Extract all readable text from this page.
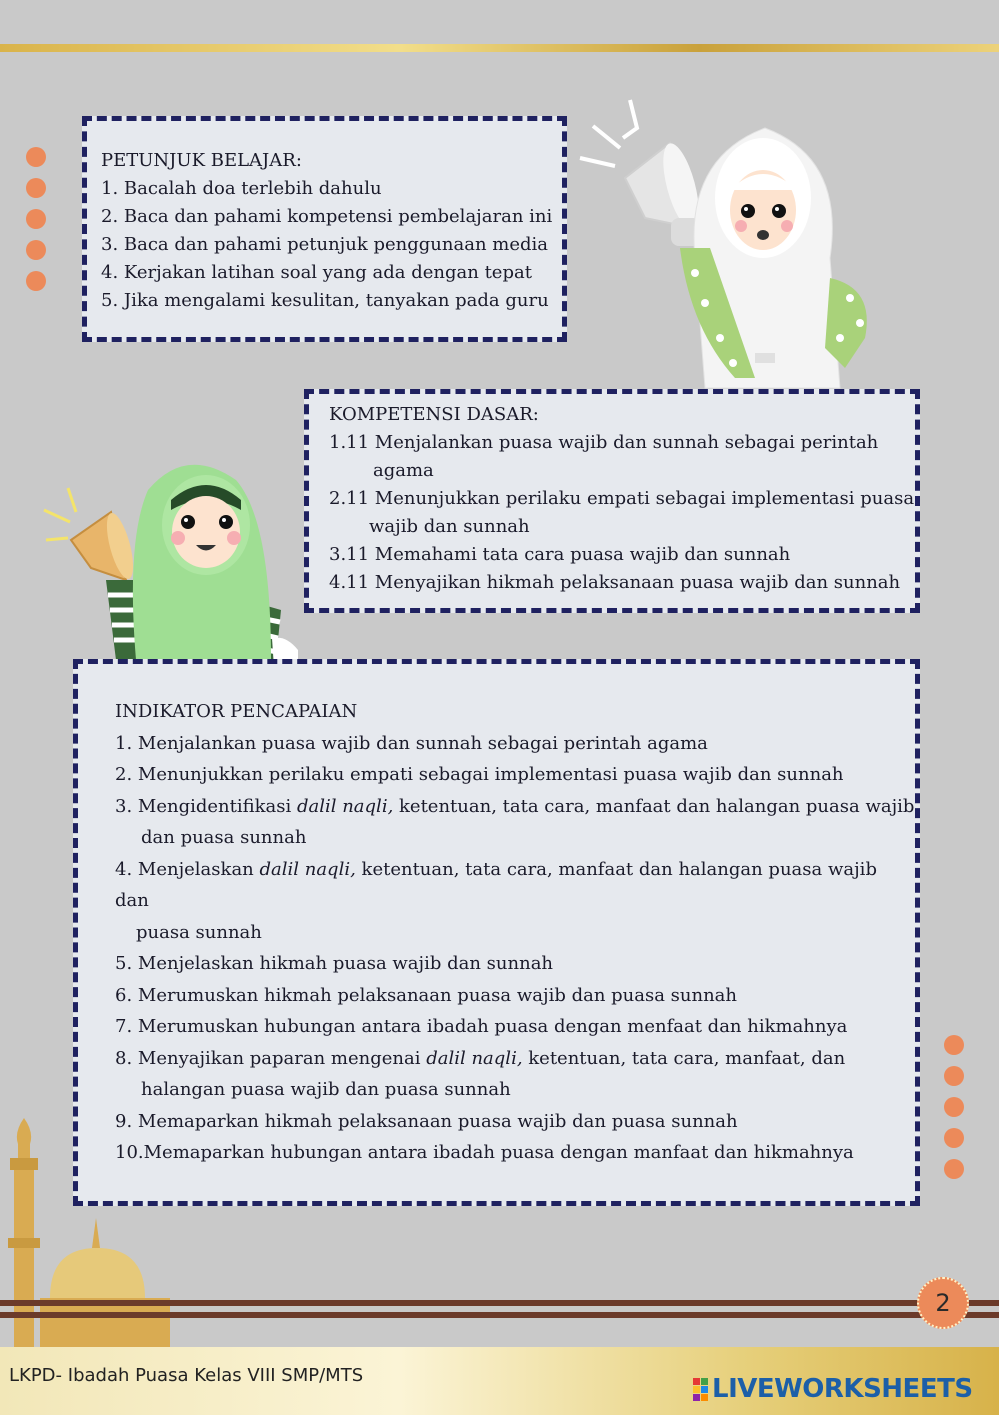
PETUNJUK BELAJAR:

1. Bacalah doa terlebih dahulu

2. Baca dan pahami kompetensi pembelajaran ini

3. Baca dan pahami petunjuk penggunaan media

4. Kerjakan latihan soal yang ada dengan tepat

5. Jika mengalami kesulitan, tanyakan pada guru

KOMPETENSI DASAR:

1.11 Menjalankan puasa wajib dan sunnah sebagai perintah

agama

2.11 Menunjukkan perilaku empati sebagai implementasi puasa

wajib dan sunnah

3.11 Memahami tata cara puasa wajib dan sunnah

4.11 Menyajikan hikmah pelaksanaan puasa wajib dan sunnah

INDIKATOR PENCAPAIAN

1. Menjalankan puasa wajib dan sunnah sebagai perintah agama

2. Menunjukkan perilaku empati sebagai implementasi puasa wajib dan sunnah

3. Mengidentifikasi dalil naqli, ketentuan, tata cara, manfaat dan halangan puasa wajib

dan puasa sunnah

4. Menjelaskan dalil naqli, ketentuan, tata cara, manfaat dan halangan puasa wajib dan

puasa sunnah

5. Menjelaskan hikmah puasa wajib dan sunnah

6. Merumuskan hikmah pelaksanaan puasa wajib dan puasa sunnah

7. Merumuskan hubungan antara ibadah puasa dengan menfaat dan hikmahnya

8. Menyajikan paparan mengenai dalil naqli, ketentuan, tata cara, manfaat, dan

halangan puasa wajib dan puasa sunnah

9. Memaparkan hikmah pelaksanaan puasa wajib dan puasa sunnah

10.Memaparkan hubungan antara ibadah puasa dengan manfaat dan hikmahnya

2
LKPD- Ibadah Puasa Kelas VIII SMP/MTS	LIVEWORKSHEETS
